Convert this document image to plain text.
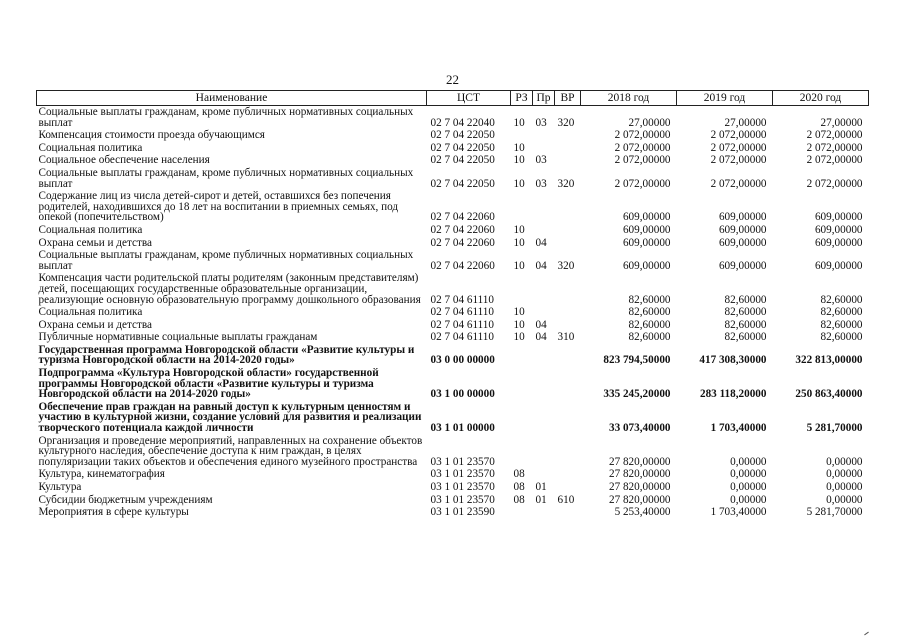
22
Наименование	ЦСТ	РЗ	Пр	ВР	2018 год	2019 год	2020 год
Социальные выплаты гражданам, кроме публичных нормативных социальных выплат	02 7 04 22040	10	03	320	27,00000	27,00000	27,00000
Компенсация стоимости проезда обучающимся	02 7 04 22050				2 072,00000	2 072,00000	2 072,00000
Социальная политика	02 7 04 22050	10			2 072,00000	2 072,00000	2 072,00000
Социальное обеспечение населения	02 7 04 22050	10	03		2 072,00000	2 072,00000	2 072,00000
Социальные выплаты гражданам, кроме публичных нормативных социальных выплат	02 7 04 22050	10	03	320	2 072,00000	2 072,00000	2 072,00000
Содержание лиц из числа детей-сирот и детей, оставшихся без попечения родителей, находившихся до 18 лет на воспитании в приемных семьях, под опекой (попечительством)	02 7 04 22060				609,00000	609,00000	609,00000
Социальная политика	02 7 04 22060	10			609,00000	609,00000	609,00000
Охрана семьи и детства	02 7 04 22060	10	04		609,00000	609,00000	609,00000
Социальные выплаты гражданам, кроме публичных нормативных социальных выплат	02 7 04 22060	10	04	320	609,00000	609,00000	609,00000
Компенсация части родительской платы родителям (законным представителям) детей, посещающих государственные образовательные организации, реализующие основную образовательную программу дошкольного образования	02 7 04 61110				82,60000	82,60000	82,60000
Социальная политика	02 7 04 61110	10			82,60000	82,60000	82,60000
Охрана семьи и детства	02 7 04 61110	10	04		82,60000	82,60000	82,60000
Публичные нормативные социальные выплаты гражданам	02 7 04 61110	10	04	310	82,60000	82,60000	82,60000
Государственная программа Новгородской области «Развитие культуры и туризма Новгородской области на 2014-2020 годы»	03 0 00 00000				823 794,50000	417 308,30000	322 813,00000
Подпрограмма «Культура Новгородской области» государственной программы Новгородской области «Развитие культуры и туризма Новгородской области на 2014-2020 годы»	03 1 00 00000				335 245,20000	283 118,20000	250 863,40000
Обеспечение прав граждан на равный доступ к культурным ценностям и участию в культурной жизни, создание условий для развития и реализации творческого потенциала каждой личности	03 1 01 00000				33 073,40000	1 703,40000	5 281,70000
Организация и проведение мероприятий, направленных на сохранение объектов культурного наследия, обеспечение доступа к ним граждан, в целях популяризации таких объектов и обеспечения единого музейного пространства	03 1 01 23570				27 820,00000	0,00000	0,00000
Культура, кинематография	03 1 01 23570	08			27 820,00000	0,00000	0,00000
Культура	03 1 01 23570	08	01		27 820,00000	0,00000	0,00000
Субсидии бюджетным учреждениям	03 1 01 23570	08	01	610	27 820,00000	0,00000	0,00000
Мероприятия в сфере культуры	03 1 01 23590				5 253,40000	1 703,40000	5 281,70000
